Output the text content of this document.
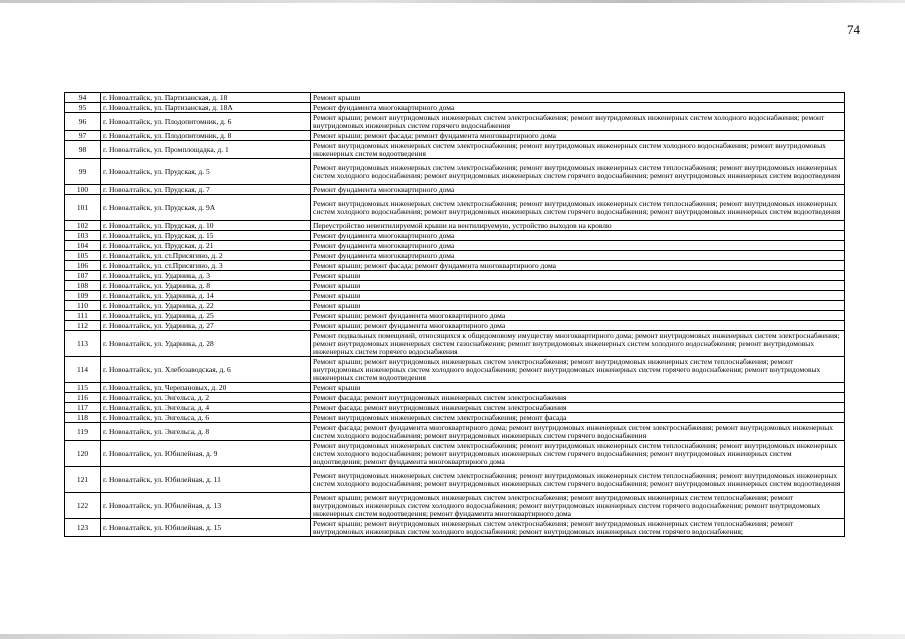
74
94	г. Новоалтайск, ул. Партизанская, д. 18	Ремонт крыши
95	г. Новоалтайск, ул. Партизанская, д. 18А	Ремонт фундамента многоквартирного дома
96	г. Новоалтайск, ул. Плодопитомник, д. 6	Ремонт крыши; ремонт внутридомовых инженерных систем электроснабжения; ремонт внутридомовых инженерных систем холодного водоснабжения; ремонт внутридомовых инженерных систем горячего водоснабжения
97	г. Новоалтайск, ул. Плодопитомник, д. 8	Ремонт крыши; ремонт фасада; ремонт фундамента многоквартирного дома
98	г. Новоалтайск, ул. Промплощадка, д. 1	Ремонт внутридомовых инженерных систем электроснабжения; ремонт внутридомовых инженерных систем холодного водоснабжения; ремонт внутридомовых инженерных систем водоотведения
99	г. Новоалтайск, ул. Прудская, д. 5	Ремонт внутридомовых инженерных систем электроснабжения; ремонт внутридомовых инженерных систем теплоснабжения; ремонт внутридомовых инженерных систем холодного водоснабжения; ремонт внутридомовых инженерных систем горячего водоснабжения; ремонт внутридомовых инженерных систем водоотведения
100	г. Новоалтайск, ул. Прудская, д. 7	Ремонт фундамента многоквартирного дома
101	г. Новоалтайск, ул. Прудская, д. 9А	Ремонт внутридомовых инженерных систем электроснабжения; ремонт внутридомовых инженерных систем теплоснабжения; ремонт внутридомовых инженерных систем холодного водоснабжения; ремонт внутридомовых инженерных систем горячего водоснабжения; ремонт внутридомовых инженерных систем водоотведения
102	г. Новоалтайск, ул. Прудская, д. 10	Переустройство невентилируемой крыши на вентилируемую, устройство выходов на кровлю
103	г. Новоалтайск, ул. Прудская, д. 15	Ремонт фундамента многоквартирного дома
104	г. Новоалтайск, ул. Прудская, д. 21	Ремонт фундамента многоквартирного дома
105	г. Новоалтайск, ул. ст.Присягино, д. 2	Ремонт фундамента многоквартирного дома
106	г. Новоалтайск, ул. ст.Присягино, д. 3	Ремонт крыши; ремонт фасада; ремонт фундамента многоквартирного дома
107	г. Новоалтайск, ул. Ударника, д. 3	Ремонт крыши
108	г. Новоалтайск, ул. Ударника, д. 8	Ремонт крыши
109	г. Новоалтайск, ул. Ударника, д. 14	Ремонт крыши
110	г. Новоалтайск, ул. Ударника, д. 22	Ремонт крыши
111	г. Новоалтайск, ул. Ударника, д. 25	Ремонт крыши; ремонт фундамента многоквартирного дома
112	г. Новоалтайск, ул. Ударника, д. 27	Ремонт крыши; ремонт фундамента многоквартирного дома
113	г. Новоалтайск, ул. Ударника, д. 28	Ремонт подвальных помещений, относящихся к общедомовому имуществу многоквартирного дома; ремонт внутридомовых инженерных систем электроснабжения; ремонт внутридомовых инженерных систем газоснабжения; ремонт внутридомовых инженерных систем холодного водоснабжения; ремонт внутридомовых инженерных систем горячего водоснабжения
114	г. Новоалтайск, ул. Хлебозаводская, д. 6	Ремонт крыши; ремонт внутридомовых инженерных систем электроснабжения; ремонт внутридомовых инженерных систем теплоснабжения; ремонт внутридомовых инженерных систем холодного водоснабжения; ремонт внутридомовых инженерных систем горячего водоснабжения; ремонт внутридомовых инженерных систем водоотведения
115	г. Новоалтайск, ул. Черепановых, д. 20	Ремонт крыши
116	г. Новоалтайск, ул. Энгельса, д. 2	Ремонт фасада; ремонт внутридомовых инженерных систем электроснабжения
117	г. Новоалтайск, ул. Энгельса, д. 4	Ремонт фасада; ремонт внутридомовых инженерных систем электроснабжения
118	г. Новоалтайск, ул. Энгельса, д. 6	Ремонт внутридомовых инженерных систем электроснабжения; ремонт фасада
119	г. Новоалтайск, ул. Энгельса, д. 8	Ремонт фасада; ремонт фундамента многоквартирного дома; ремонт внутридомовых инженерных систем электроснабжения; ремонт внутридомовых инженерных систем холодного водоснабжения; ремонт внутридомовых инженерных систем горячего водоснабжения
120	г. Новоалтайск, ул. Юбилейная, д. 9	Ремонт внутридомовых инженерных систем электроснабжения; ремонт внутридомовых инженерных систем теплоснабжения; ремонт внутридомовых инженерных систем холодного водоснабжения; ремонт внутридомовых инженерных систем горячего водоснабжения; ремонт внутридомовых инженерных систем водоотведения; ремонт фундамента многоквартирного дома
121	г. Новоалтайск, ул. Юбилейная, д. 11	Ремонт внутридомовых инженерных систем электроснабжения; ремонт внутридомовых инженерных систем теплоснабжения; ремонт внутридомовых инженерных систем холодного водоснабжения; ремонт внутридомовых инженерных систем горячего водоснабжения; ремонт внутридомовых инженерных систем водоотведения
122	г. Новоалтайск, ул. Юбилейная, д. 13	Ремонт крыши; ремонт внутридомовых инженерных систем электроснабжения; ремонт внутридомовых инженерных систем теплоснабжения; ремонт внутридомовых инженерных систем холодного водоснабжения; ремонт внутридомовых инженерных систем горячего водоснабжения; ремонт внутридомовых инженерных систем водоотведения; ремонт фундамента многоквартирного дома
123	г. Новоалтайск, ул. Юбилейная, д. 15	Ремонт крыши; ремонт внутридомовых инженерных систем электроснабжения; ремонт внутридомовых инженерных систем теплоснабжения; ремонт внутридомовых инженерных систем холодного водоснабжения; ремонт внутридомовых инженерных систем горячего водоснабжения;
